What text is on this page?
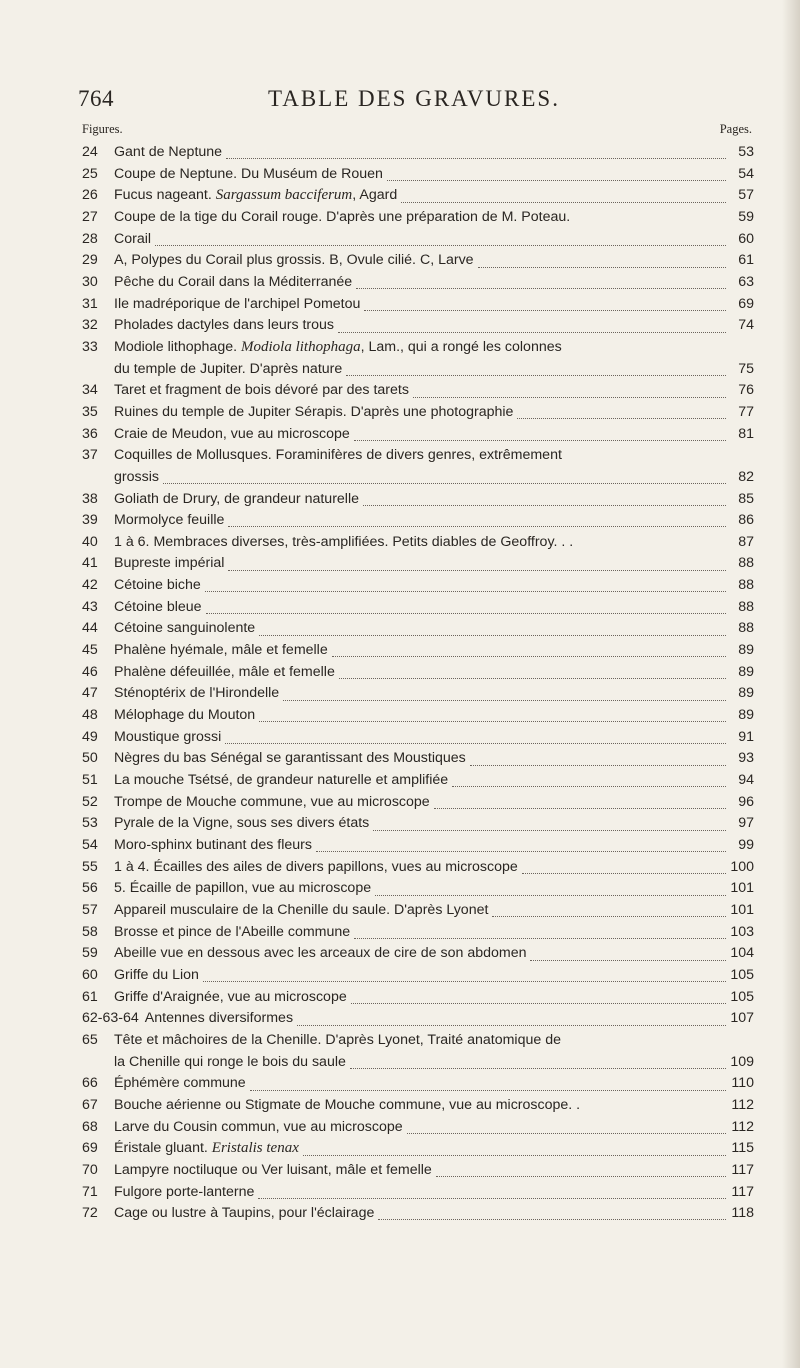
764	TABLE DES GRAVURES.
Figures.	Pages.
24	Gant de Neptune	53
25	Coupe de Neptune. Du Muséum de Rouen	54
26	Fucus nageant. Sargassum bacciferum, Agard	57
27	Coupe de la tige du Corail rouge. D'après une préparation de M. Poteau.	59
28	Corail	60
29	A, Polypes du Corail plus grossis. B, Ovule cilié. C, Larve	61
30	Pêche du Corail dans la Méditerranée	63
31	Ile madréporique de l'archipel Pometou	69
32	Pholades dactyles dans leurs trous	74
33	Modiole lithophage. Modiola lithophaga, Lam., qui a rongé les colonnes
du temple de Jupiter. D'après nature	75
34	Taret et fragment de bois dévoré par des tarets	76
35	Ruines du temple de Jupiter Sérapis. D'après une photographie	77
36	Craie de Meudon, vue au microscope	81
37	Coquilles de Mollusques. Foraminifères de divers genres, extrêmement
grossis	82
38	Goliath de Drury, de grandeur naturelle	85
39	Mormolyce feuille	86
40	1 à 6. Membraces diverses, très-amplifiées. Petits diables de Geoffroy. . .	87
41	Bupreste impérial	88
42	Cétoine biche	88
43	Cétoine bleue	88
44	Cétoine sanguinolente	88
45	Phalène hyémale, mâle et femelle	89
46	Phalène défeuillée, mâle et femelle	89
47	Sténoptérix de l'Hirondelle	89
48	Mélophage du Mouton	89
49	Moustique grossi	91
50	Nègres du bas Sénégal se garantissant des Moustiques	93
51	La mouche Tsétsé, de grandeur naturelle et amplifiée	94
52	Trompe de Mouche commune, vue au microscope	96
53	Pyrale de la Vigne, sous ses divers états	97
54	Moro-sphinx butinant des fleurs	99
55	1 à 4. Écailles des ailes de divers papillons, vues au microscope	100
56	5. Écaille de papillon, vue au microscope	101
57	Appareil musculaire de la Chenille du saule. D'après Lyonet	101
58	Brosse et pince de l'Abeille commune	103
59	Abeille vue en dessous avec les arceaux de cire de son abdomen	104
60	Griffe du Lion	105
61	Griffe d'Araignée, vue au microscope	105
62-63-64 Antennes diversiformes	107
65	Tête et mâchoires de la Chenille. D'après Lyonet, Traité anatomique de
la Chenille qui ronge le bois du saule	109
66	Éphémère commune	110
67	Bouche aérienne ou Stigmate de Mouche commune, vue au microscope. .	112
68	Larve du Cousin commun, vue au microscope	112
69	Éristale gluant. Eristalis tenax	115
70	Lampyre noctiluque ou Ver luisant, mâle et femelle	117
71	Fulgore porte-lanterne	117
72	Cage ou lustre à Taupins, pour l'éclairage	118
